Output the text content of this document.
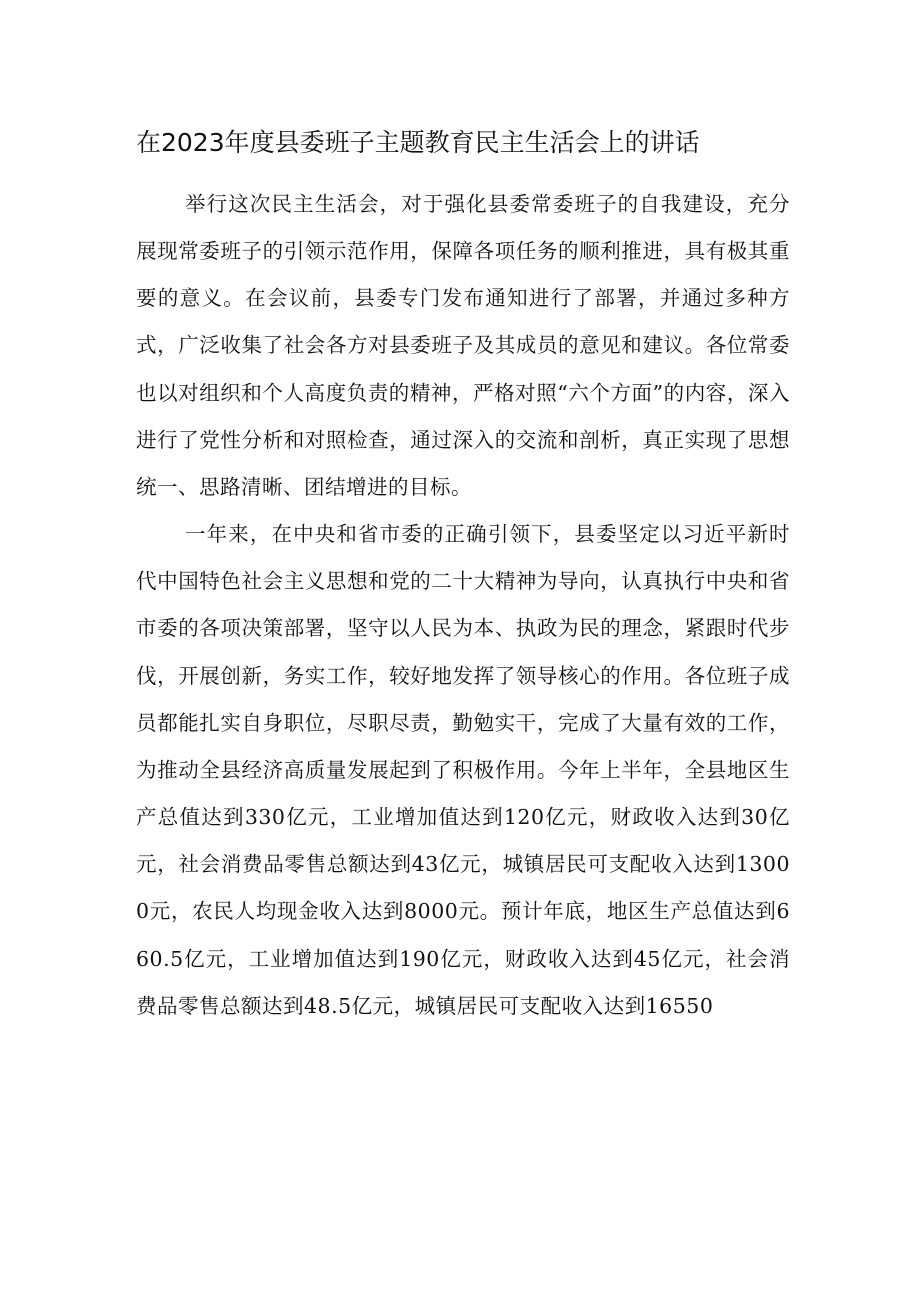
在2023年度县委班子主题教育民主生活会上的讲话

举行这次民主生活会，对于强化县委常委班子的自我建设，充分展现常委班子的引领示范作用，保障各项任务的顺利推进，具有极其重要的意义。在会议前，县委专门发布通知进行了部署，并通过多种方式，广泛收集了社会各方对县委班子及其成员的意见和建议。各位常委也以对组织和个人高度负责的精神，严格对照“六个方面”的内容，深入进行了党性分析和对照检查，通过深入的交流和剖析，真正实现了思想统一、思路清晰、团结增进的目标。

一年来，在中央和省市委的正确引领下，县委坚定以习近平新时代中国特色社会主义思想和党的二十大精神为导向，认真执行中央和省市委的各项决策部署，坚守以人民为本、执政为民的理念，紧跟时代步伐，开展创新，务实工作，较好地发挥了领导核心的作用。各位班子成员都能扎实自身职位，尽职尽责，勤勉实干，完成了大量有效的工作，为推动全县经济高质量发展起到了积极作用。今年上半年，全县地区生产总值达到330亿元，工业增加值达到120亿元，财政收入达到30亿元，社会消费品零售总额达到43亿元，城镇居民可支配收入达到13000元，农民人均现金收入达到8000元。预计年底，地区生产总值达到660.5亿元，工业增加值达到190亿元，财政收入达到45亿元，社会消费品零售总额达到48.5亿元，城镇居民可支配收入达到16550
